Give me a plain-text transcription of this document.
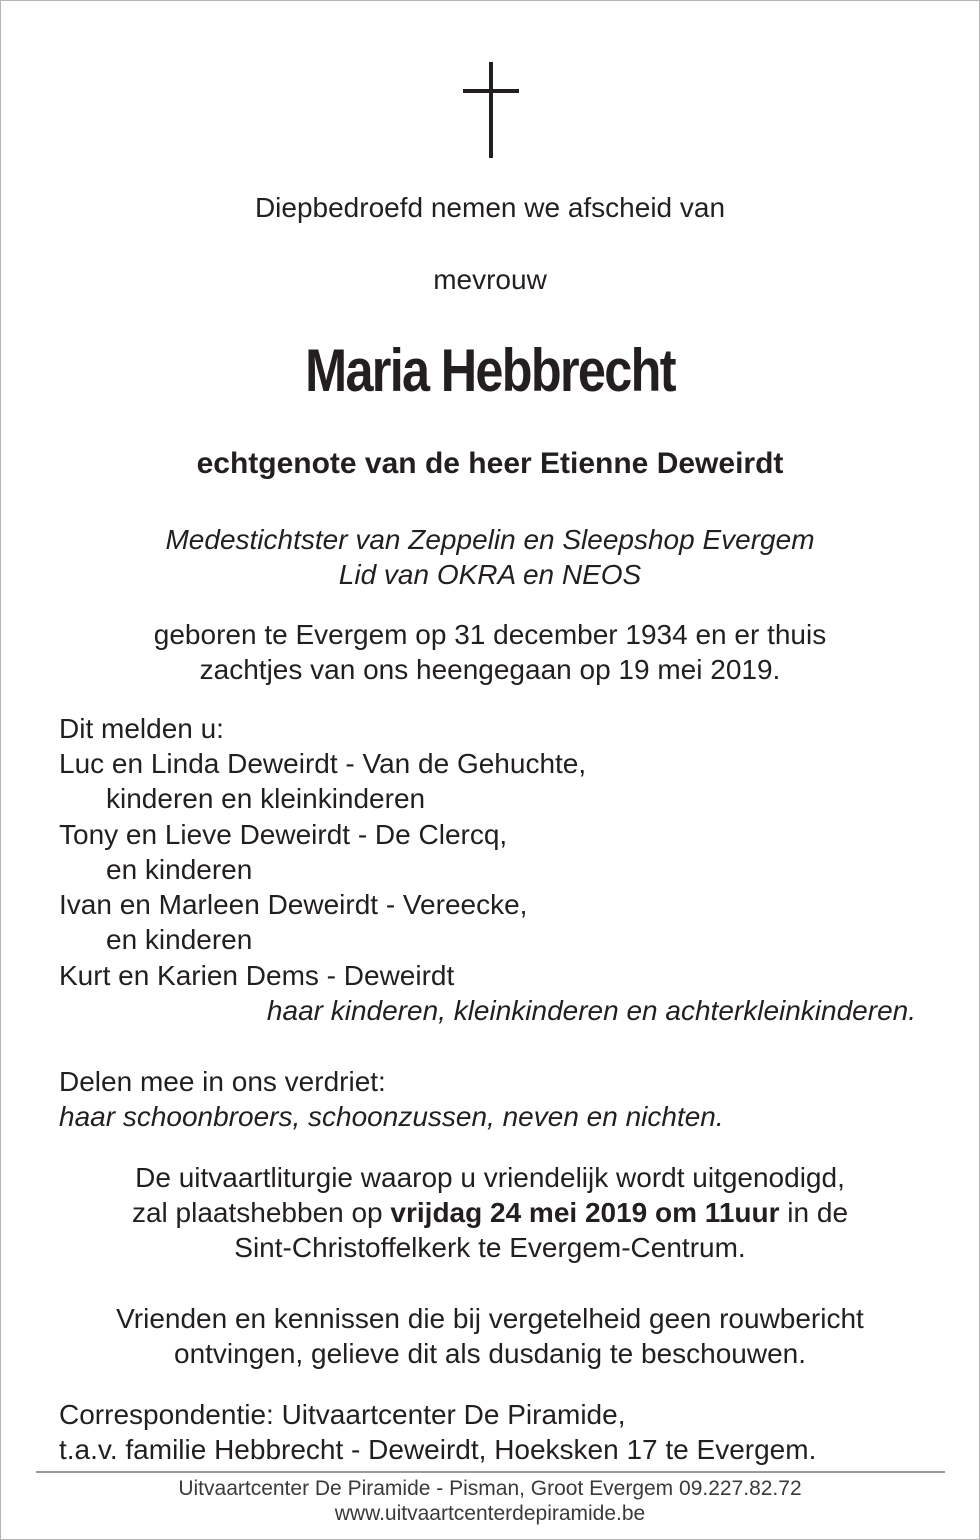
Diepbedroefd nemen we afscheid van
mevrouw
Maria Hebbrecht
echtgenote van de heer Etienne Deweirdt
Medestichtster van Zeppelin en Sleepshop Evergem
Lid van OKRA en NEOS
geboren te Evergem op 31 december 1934 en er thuis
zachtjes van ons heengegaan op 19 mei 2019.
Dit melden u:
Luc en Linda Deweirdt - Van de Gehuchte,
kinderen en kleinkinderen
Tony en Lieve Deweirdt - De Clercq,
en kinderen
Ivan en Marleen Deweirdt - Vereecke,
en kinderen
Kurt en Karien Dems - Deweirdt
haar kinderen, kleinkinderen en achterkleinkinderen.
Delen mee in ons verdriet:
haar schoonbroers, schoonzussen, neven en nichten.
De uitvaartliturgie waarop u vriendelijk wordt uitgenodigd,
zal plaatshebben op vrijdag 24 mei 2019 om 11uur in de
Sint-Christoffelkerk te Evergem-Centrum.
Vrienden en kennissen die bij vergetelheid geen rouwbericht
ontvingen, gelieve dit als dusdanig te beschouwen.
Correspondentie: Uitvaartcenter De Piramide,
t.a.v. familie Hebbrecht - Deweirdt, Hoeksken 17 te Evergem.
Uitvaartcenter De Piramide - Pisman, Groot Evergem 09.227.82.72
www.uitvaartcenterdepiramide.be
